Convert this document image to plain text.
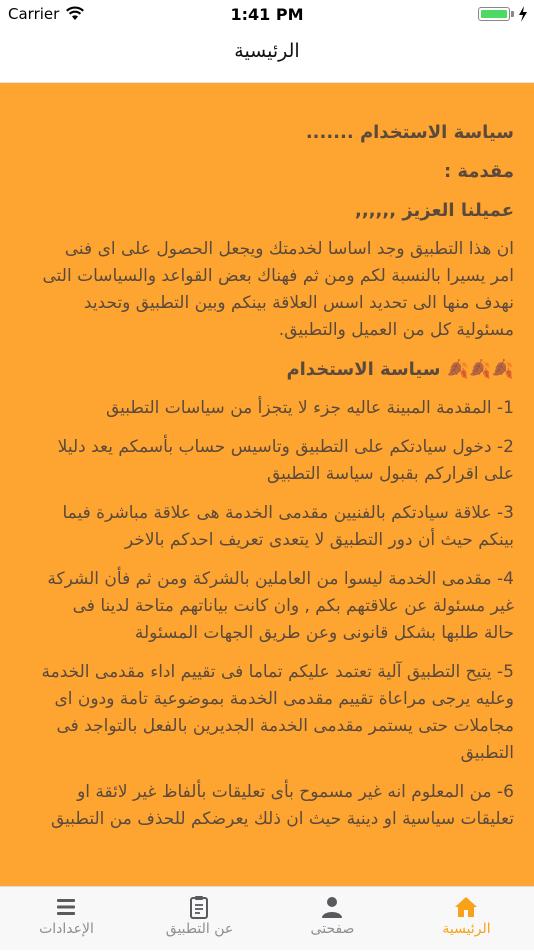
Carrier	1:41 PM
الرئيسية

سياسة الاستخدام .......

مقدمة :

عميلنا العزيز ,,,,,,

ان هذا التطبيق وجد اساسا لخدمتك ويجعل الحصول على اى فنى امر يسيرا بالنسبة لكم ومن ثم فهناك بعض القواعد والسياسات التى نهدف منها الى تحديد اسس العلاقة بينكم وبين التطبيق وتحديد مسئولية كل من العميل والتطبيق.

🍂🍂🍂 سياسة الاستخدام

1- المقدمة المبينة عاليه جزء لا يتجزأ من سياسات التطبيق

2- دخول سيادتكم على التطبيق وتاسيس حساب بأسمكم يعد دليلا على اقراركم بقبول سياسة التطبيق

3- علاقة سيادتكم بالفنيين مقدمى الخدمة هى علاقة مباشرة فيما بينكم حيث أن دور التطبيق لا يتعدى تعريف احدكم بالاخر

4- مقدمى الخدمة ليسوا من العاملين بالشركة ومن ثم فأن الشركة غير مسئولة عن علاقتهم بكم , وان كانت بياناتهم متاحة لدينا فى حالة طلبها بشكل قانونى وعن طريق الجهات المسئولة

5- يتيح التطبيق آلية تعتمد عليكم تماما فى تقييم اداء مقدمى الخدمة وعليه يرجى مراعاة تقييم مقدمى الخدمة بموضوعية تامة ودون اى مجاملات حتى يستمر مقدمى الخدمة الجديرين بالفعل بالتواجد فى التطبيق

6- من المعلوم انه غير مسموح بأى تعليقات بألفاظ غير لائقة او تعليقات سياسية او دينية حيث ان ذلك يعرضكم للحذف من التطبيق

الإعدادات	عن التطبيق	صفحتى	الرئيسية
